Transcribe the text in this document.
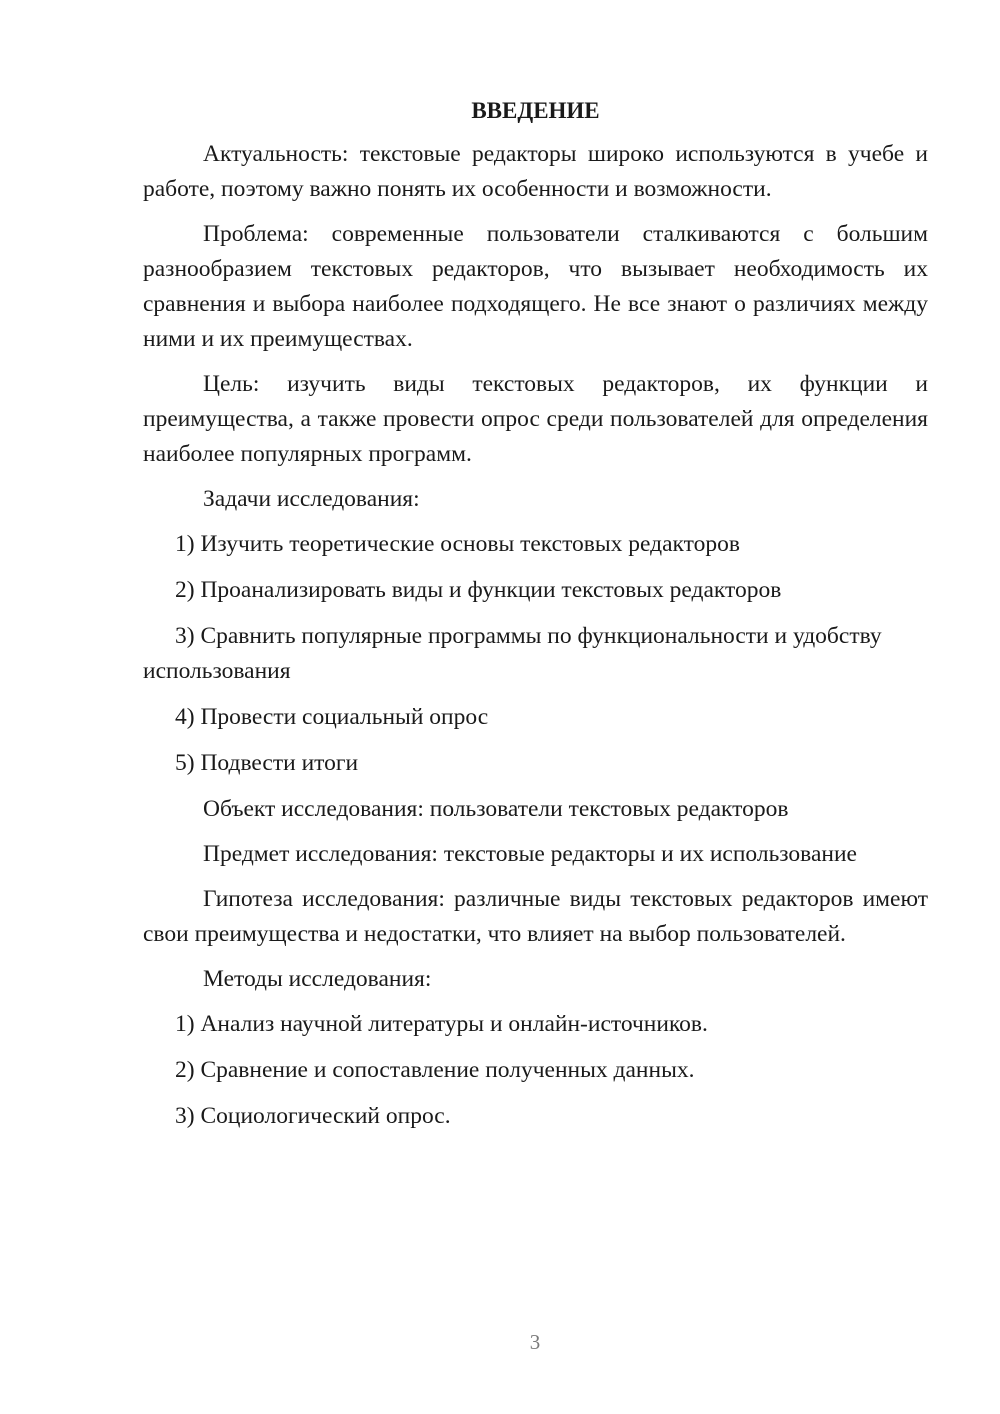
ВВЕДЕНИЕ

Актуальность: текстовые редакторы широко используются в учебе и работе, поэтому важно понять их особенности и возможности.

Проблема: современные пользователи сталкиваются с большим разнообразием текстовых редакторов, что вызывает необходимость их сравнения и выбора наиболее подходящего. Не все знают о различиях между ними и их преимуществах.

Цель: изучить виды текстовых редакторов, их функции и преимущества, а также провести опрос среди пользователей для определения наиболее популярных программ.

Задачи исследования:

1) Изучить теоретические основы текстовых редакторов

2) Проанализировать виды и функции текстовых редакторов

3) Сравнить популярные программы по функциональности и удобству использования

4) Провести социальный опрос

5) Подвести итоги

Объект исследования: пользователи текстовых редакторов

Предмет исследования: текстовые редакторы и их использование

Гипотеза исследования: различные виды текстовых редакторов имеют свои преимущества и недостатки, что влияет на выбор пользователей.

Методы исследования:

1) Анализ научной литературы и онлайн-источников.

2) Сравнение и сопоставление полученных данных.

3) Социологический опрос.

3
